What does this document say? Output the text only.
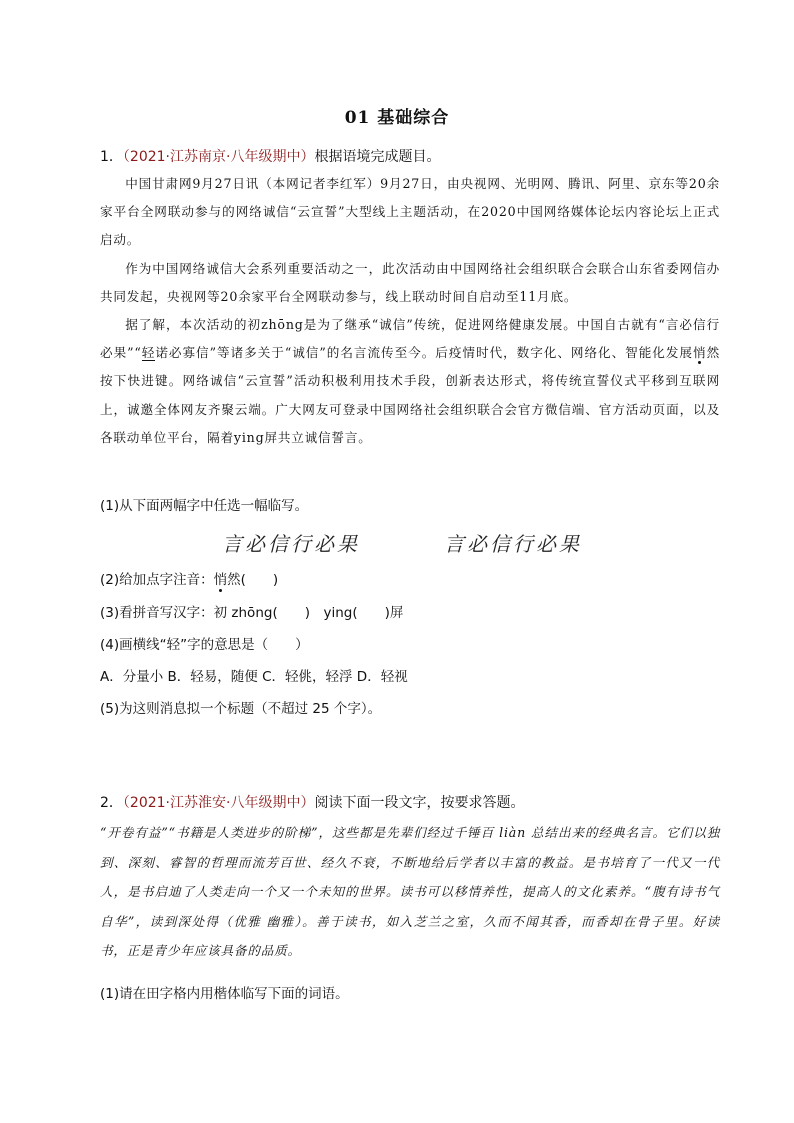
01 基础综合
1．（2021·江苏南京·八年级期中）根据语境完成题目。

中国甘肃网9月27日讯（本网记者李红军）9月27日，由央视网、光明网、腾讯、阿里、京东等20余家平台全网联动参与的网络诚信“云宣誓”大型线上主题活动，在2020中国网络媒体论坛内容论坛上正式启动。

作为中国网络诚信大会系列重要活动之一，此次活动由中国网络社会组织联合会联合山东省委网信办共同发起，央视网等20余家平台全网联动参与，线上联动时间自启动至11月底。

据了解，本次活动的初zhōng是为了继承“诚信”传统，促进网络健康发展。中国自古就有“言必信行必果”“轻诺必寡信”等诸多关于“诚信”的名言流传至今。后疫情时代，数字化、网络化、智能化发展悄然按下快进键。网络诚信“云宣誓”活动积极利用技术手段，创新表达形式，将传统宣誓仪式平移到互联网上，诚邀全体网友齐聚云端。广大网友可登录中国网络社会组织联合会官方微信端、官方活动页面，以及各联动单位平台，隔着ying屏共立诚信誓言。

(1)从下面两幅字中任选一幅临写。
言必信行必果	言必信行必果
(2)给加点字注音：悄然(　　)
(3)看拼音写汉字：初 zhōng(　　)　ying(　　)屏
(4)画横线“轻”字的意思是（　　）
A．分量小 B．轻易，随便 C．轻佻，轻浮 D．轻视
(5)为这则消息拟一个标题（不超过 25 个字）。
2．（2021·江苏淮安·八年级期中）阅读下面一段文字，按要求答题。

“开卷有益”“书籍是人类进步的阶梯”，这些都是先辈们经过千锤百 liàn 总结出来的经典名言。它们以独到、深刻、睿智的哲理而流芳百世、经久不衰，不断地给后学者以丰富的教益。是书培育了一代又一代人，是书启迪了人类走向一个又一个未知的世界。读书可以移情养性，提高人的文化素养。“腹有诗书气自华”，读到深处得（优雅 幽雅）。善于读书，如入芝兰之室，久而不闻其香，而香却在骨子里。好读书，正是青少年应该具备的品质。

(1)请在田字格内用楷体临写下面的词语。
